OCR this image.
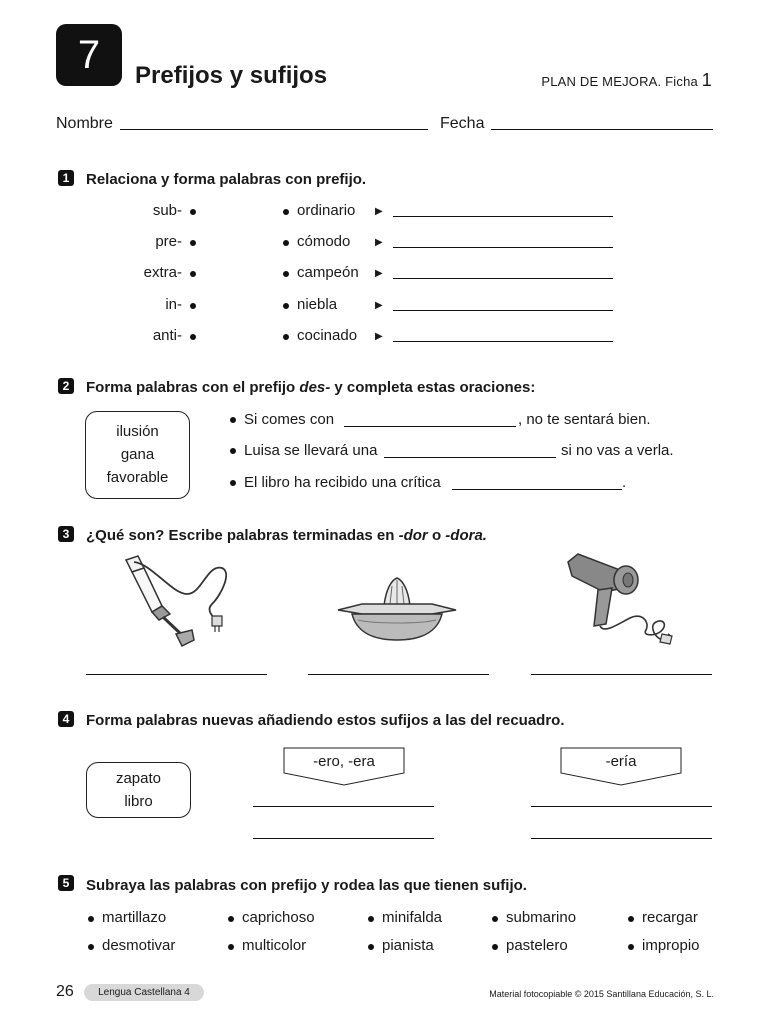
7 Prefijos y sufijos	PLAN DE MEJORA. Ficha 1
Nombre	Fecha
1	Relaciona y forma palabras con prefijo.
sub-	ordinario ▶
pre-	cómodo ▶
extra-	campeón ▶
in-	niebla	▶
anti-	cocinado ▶
2	Forma palabras con el prefijo des- y completa estas oraciones:
ilusión
gana
favorable
Si comes con	, no te sentará bien.
Luisa se llevará una	si no vas a verla.
El libro ha recibido una crítica	.
3	¿Qué son? Escribe palabras terminadas en -dor o -dora.
4	Forma palabras nuevas añadiendo estos sufijos a las del recuadro.
zapato
libro
-ero, -era	-ería
5	Subraya las palabras con prefijo y rodea las que tienen sufijo.
martillazo	caprichoso	minifalda	submarino	recargar
desmotivar	multicolor	pianista	pastelero	impropio
26	Lengua Castellana 4	Material fotocopiable © 2015 Santillana Educación, S. L.
